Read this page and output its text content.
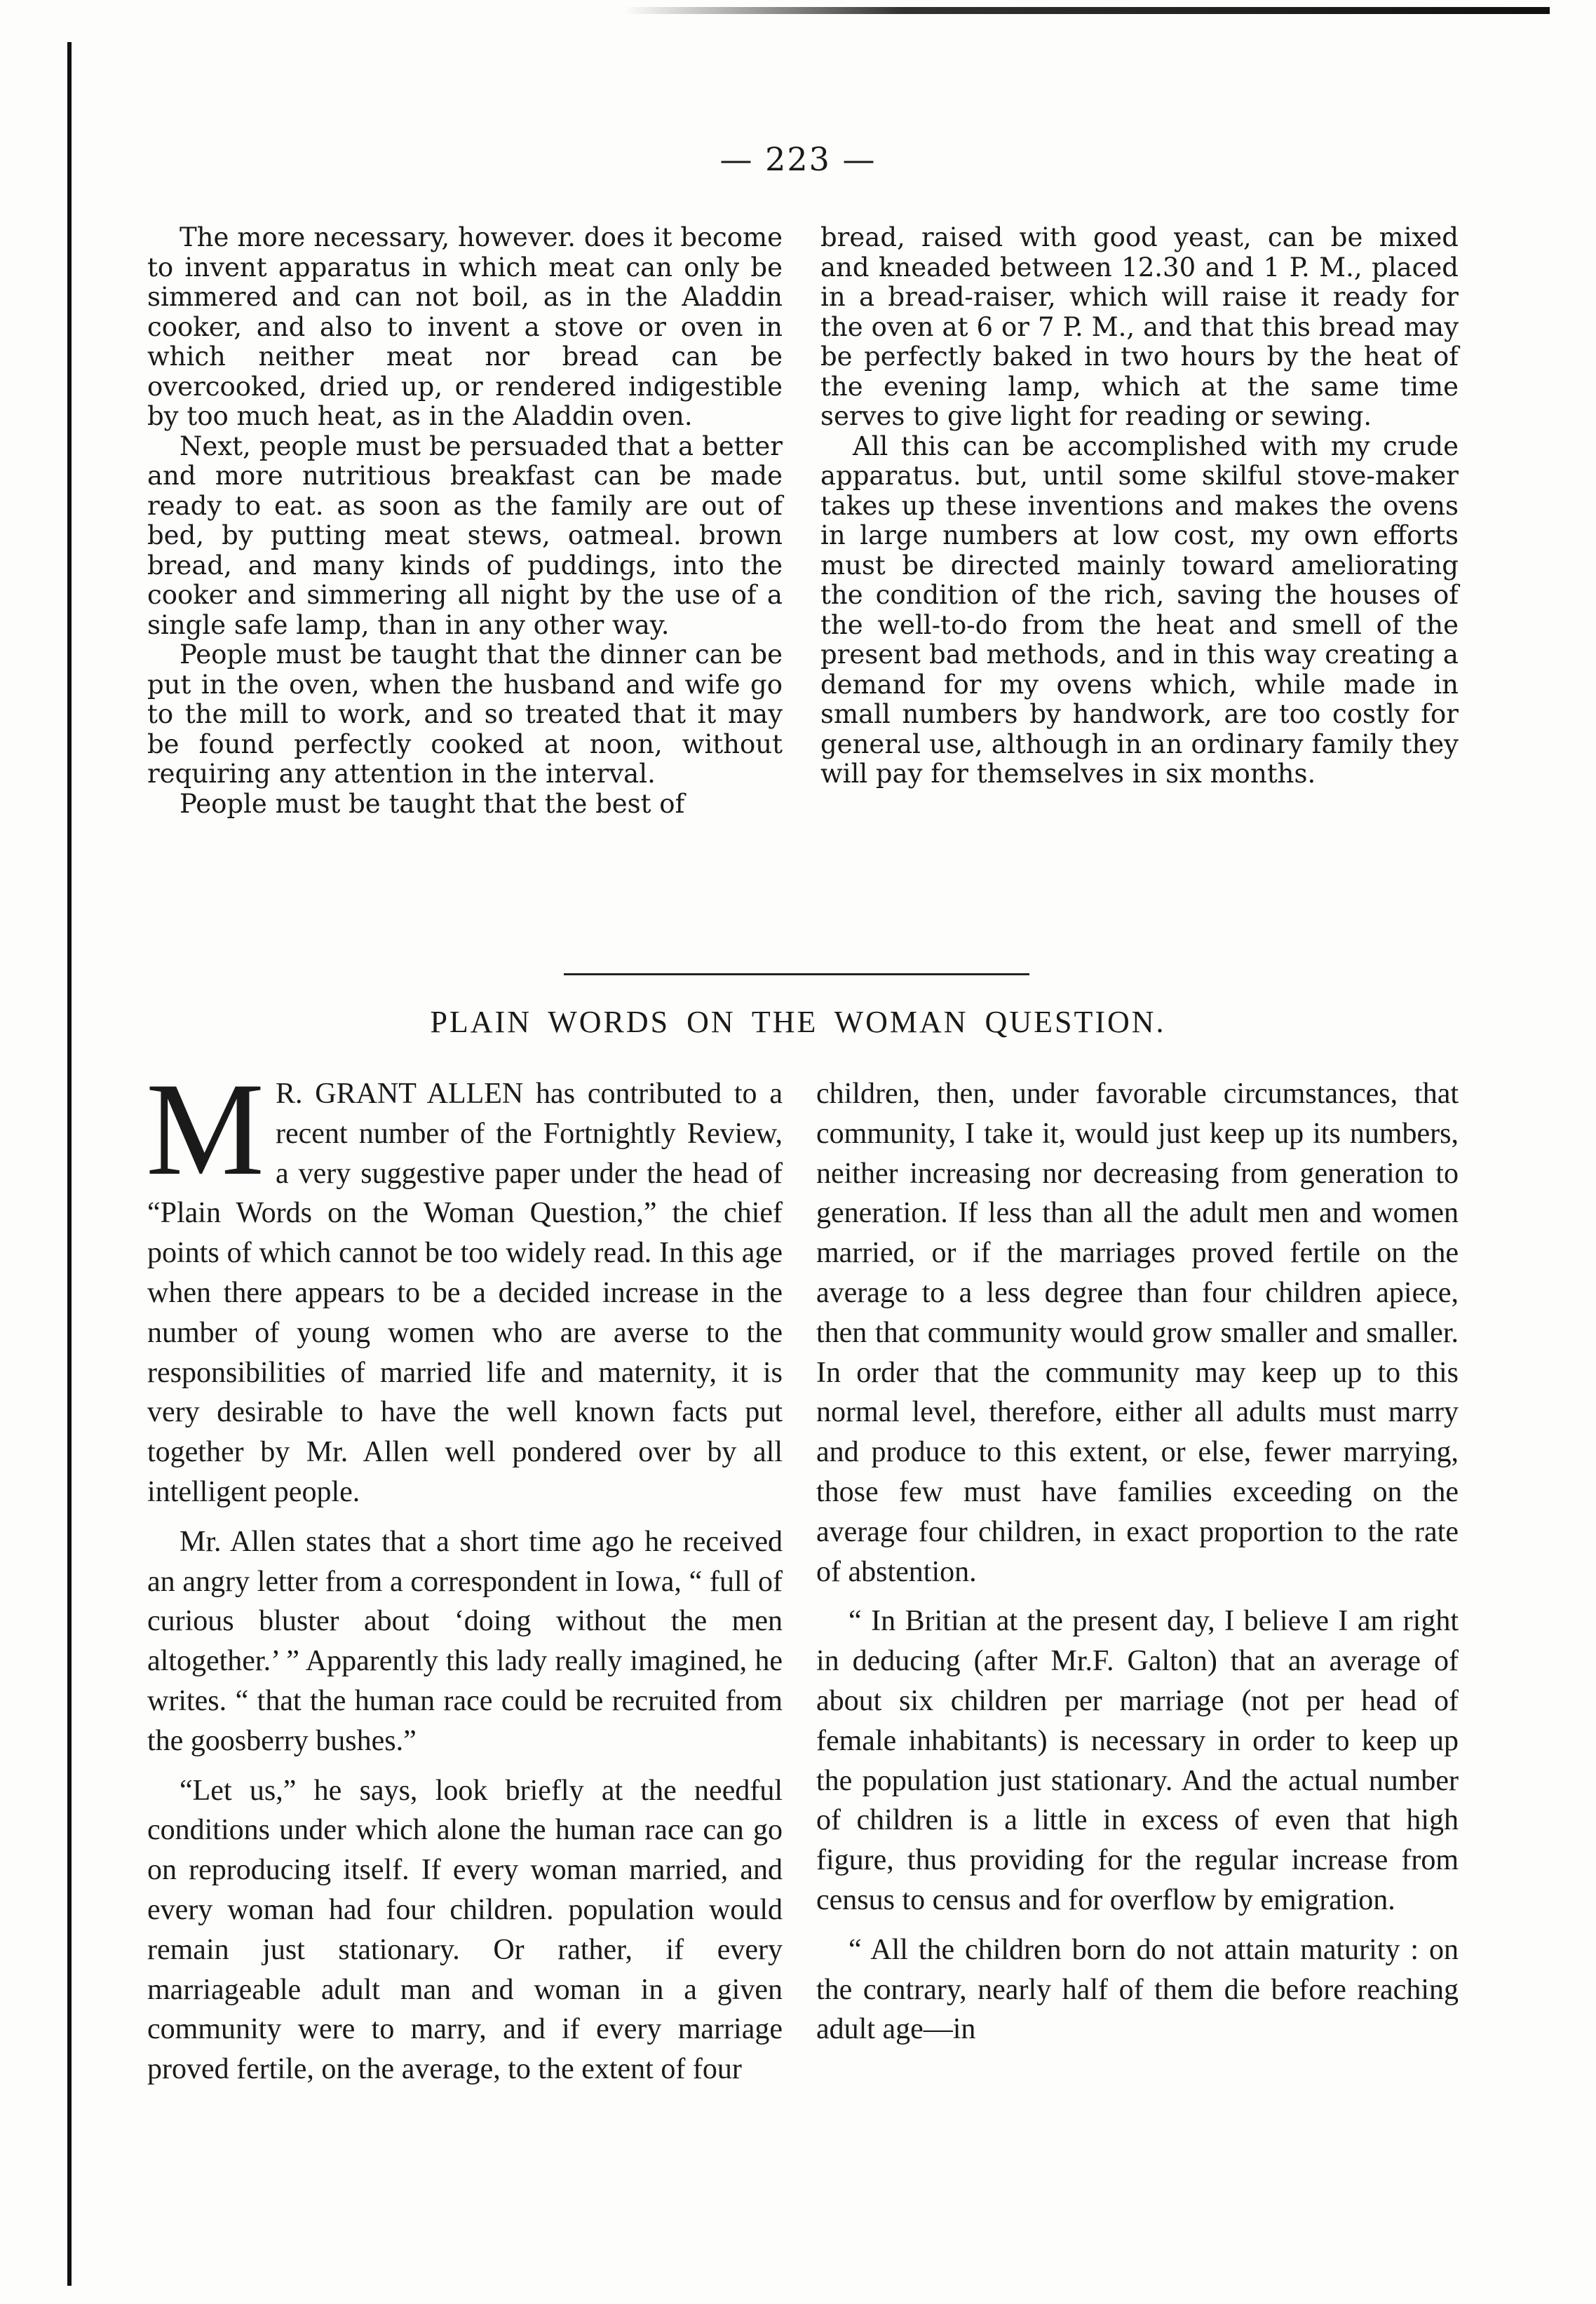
— 223 —

The more necessary, however. does it become to invent apparatus in which meat can only be simmered and can not boil, as in the Aladdin cooker, and also to invent a stove or oven in which neither meat nor bread can be overcooked, dried up, or rendered indigestible by too much heat, as in the Aladdin oven.

Next, people must be persuaded that a better and more nutritious breakfast can be made ready to eat. as soon as the family are out of bed, by putting meat stews, oatmeal. brown bread, and many kinds of puddings, into the cooker and simmering all night by the use of a single safe lamp, than in any other way.

People must be taught that the dinner can be put in the oven, when the husband and wife go to the mill to work, and so treated that it may be found perfectly cooked at noon, without requiring any attention in the interval.

People must be taught that the best of

bread, raised with good yeast, can be mixed and kneaded between 12.30 and 1 P. M., placed in a bread-raiser, which will raise it ready for the oven at 6 or 7 P. M., and that this bread may be perfectly baked in two hours by the heat of the evening lamp, which at the same time serves to give light for reading or sewing.

All this can be accomplished with my crude apparatus. but, until some skilful stove-maker takes up these inventions and makes the ovens in large numbers at low cost, my own efforts must be directed mainly toward ameliorating the condition of the rich, saving the houses of the well-to-do from the heat and smell of the present bad methods, and in this way creating a demand for my ovens which, while made in small numbers by handwork, are too costly for general use, although in an ordinary family they will pay for themselves in six months.

PLAIN WORDS ON THE WOMAN QUESTION.

M R. GRANT ALLEN has contributed to a recent number of the Fortnightly Review, a very suggestive paper under the head of “Plain Words on the Woman Question,” the chief points of which cannot be too widely read. In this age when there appears to be a decided increase in the number of young women who are averse to the responsibilities of married life and maternity, it is very desirable to have the well known facts put together by Mr. Allen well pondered over by all intelligent people.

Mr. Allen states that a short time ago he received an angry letter from a correspondent in Iowa, “ full of curious bluster about ‘doing without the men altogether.’ ” Apparently this lady really imagined, he writes. “ that the human race could be recruited from the goosberry bushes.”

“Let us,” he says, look briefly at the needful conditions under which alone the human race can go on reproducing itself. If every woman married, and every woman had four children. population would remain just stationary. Or rather, if every marriageable adult man and woman in a given community were to marry, and if every marriage proved fertile, on the average, to the extent of four

children, then, under favorable circumstances, that community, I take it, would just keep up its numbers, neither increasing nor decreasing from generation to generation. If less than all the adult men and women married, or if the marriages proved fertile on the average to a less degree than four children apiece, then that community would grow smaller and smaller. In order that the community may keep up to this normal level, therefore, either all adults must marry and produce to this extent, or else, fewer marrying, those few must have families exceeding on the average four children, in exact proportion to the rate of abstention.

“ In Britian at the present day, I believe I am right in deducing (after Mr.F. Galton) that an average of about six children per marriage (not per head of female inhabitants) is necessary in order to keep up the population just stationary. And the actual number of children is a little in excess of even that high figure, thus providing for the regular increase from census to census and for overflow by emigration.

“ All the children born do not attain maturity : on the contrary, nearly half of them die before reaching adult age—in
